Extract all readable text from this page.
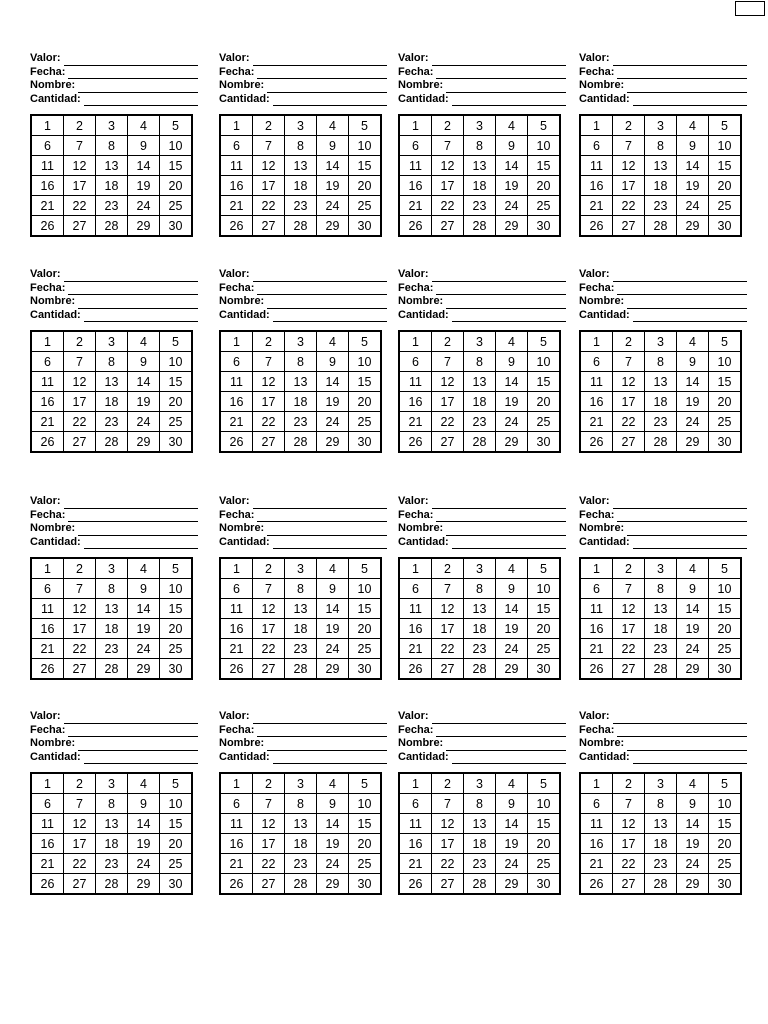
Valor:
Fecha:
Nombre:
Cantidad:
1	2	3	4	5
6	7	8	9	10
11	12	13	14	15
16	17	18	19	20
21	22	23	24	25
26	27	28	29	30
Valor:
Fecha:
Nombre:
Cantidad:
1	2	3	4	5
6	7	8	9	10
11	12	13	14	15
16	17	18	19	20
21	22	23	24	25
26	27	28	29	30
Valor:
Fecha:
Nombre:
Cantidad:
1	2	3	4	5
6	7	8	9	10
11	12	13	14	15
16	17	18	19	20
21	22	23	24	25
26	27	28	29	30
Valor:
Fecha:
Nombre:
Cantidad:
1	2	3	4	5
6	7	8	9	10
11	12	13	14	15
16	17	18	19	20
21	22	23	24	25
26	27	28	29	30
Valor:
Fecha:
Nombre:
Cantidad:
1	2	3	4	5
6	7	8	9	10
11	12	13	14	15
16	17	18	19	20
21	22	23	24	25
26	27	28	29	30
Valor:
Fecha:
Nombre:
Cantidad:
1	2	3	4	5
6	7	8	9	10
11	12	13	14	15
16	17	18	19	20
21	22	23	24	25
26	27	28	29	30
Valor:
Fecha:
Nombre:
Cantidad:
1	2	3	4	5
6	7	8	9	10
11	12	13	14	15
16	17	18	19	20
21	22	23	24	25
26	27	28	29	30
Valor:
Fecha:
Nombre:
Cantidad:
1	2	3	4	5
6	7	8	9	10
11	12	13	14	15
16	17	18	19	20
21	22	23	24	25
26	27	28	29	30
Valor:
Fecha:
Nombre:
Cantidad:
1	2	3	4	5
6	7	8	9	10
11	12	13	14	15
16	17	18	19	20
21	22	23	24	25
26	27	28	29	30
Valor:
Fecha:
Nombre:
Cantidad:
1	2	3	4	5
6	7	8	9	10
11	12	13	14	15
16	17	18	19	20
21	22	23	24	25
26	27	28	29	30
Valor:
Fecha:
Nombre:
Cantidad:
1	2	3	4	5
6	7	8	9	10
11	12	13	14	15
16	17	18	19	20
21	22	23	24	25
26	27	28	29	30
Valor:
Fecha:
Nombre:
Cantidad:
1	2	3	4	5
6	7	8	9	10
11	12	13	14	15
16	17	18	19	20
21	22	23	24	25
26	27	28	29	30
Valor:
Fecha:
Nombre:
Cantidad:
1	2	3	4	5
6	7	8	9	10
11	12	13	14	15
16	17	18	19	20
21	22	23	24	25
26	27	28	29	30
Valor:
Fecha:
Nombre:
Cantidad:
1	2	3	4	5
6	7	8	9	10
11	12	13	14	15
16	17	18	19	20
21	22	23	24	25
26	27	28	29	30
Valor:
Fecha:
Nombre:
Cantidad:
1	2	3	4	5
6	7	8	9	10
11	12	13	14	15
16	17	18	19	20
21	22	23	24	25
26	27	28	29	30
Valor:
Fecha:
Nombre:
Cantidad:
1	2	3	4	5
6	7	8	9	10
11	12	13	14	15
16	17	18	19	20
21	22	23	24	25
26	27	28	29	30
